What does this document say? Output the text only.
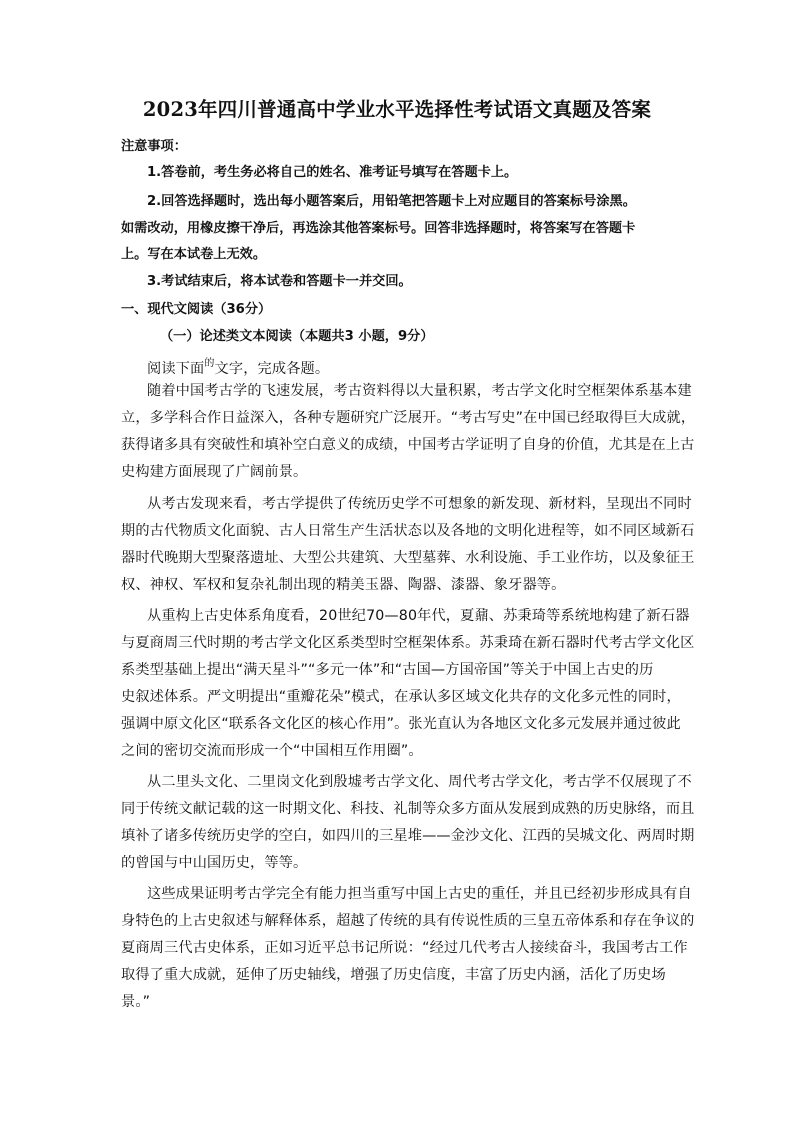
2023年四川普通高中学业水平选择性考试语文真题及答案
注意事项：
1.答卷前，考生务必将自己的姓名、准考证号填写在答题卡上。
2.回答选择题时，选出每小题答案后，用铅笔把答题卡上对应题目的答案标号涂黑。
如需改动，用橡皮擦干净后，再选涂其他答案标号。回答非选择题时，将答案写在答题卡
上。写在本试卷上无效。
3.考试结束后，将本试卷和答题卡一并交回。
一、现代文阅读（36分）
（一）论述类文本阅读（本题共3 小题，9分）
阅读下面$^的$文字，完成各题。
随着中国考古学的飞速发展，考古资料得以大量积累，考古学文化时空框架体系基本建
立，多学科合作日益深入，各种专题研究广泛展开。“考古写史”在中国已经取得巨大成就，
获得诸多具有突破性和填补空白意义的成绩，中国考古学证明了自身的价值，尤其是在上古
史构建方面展现了广阔前景。
从考古发现来看，考古学提供了传统历史学不可想象的新发现、新材料，呈现出不同时
期的古代物质文化面貌、古人日常生产生活状态以及各地的文明化进程等，如不同区域新石
器时代晚期大型聚落遗址、大型公共建筑、大型墓葬、水利设施、手工业作坊，以及象征王
权、神权、军权和复杂礼制出现的精美玉器、陶器、漆器、象牙器等。
从重构上古史体系角度看，20世纪70—80年代，夏鼐、苏秉琦等系统地构建了新石器
与夏商周三代时期的考古学文化区系类型时空框架体系。苏秉琦在新石器时代考古学文化区
系类型基础上提出“满天星斗”“多元一体”和“古国—方国帝国”等关于中国上古史的历
史叙述体系。严文明提出“重瓣花朵”模式，在承认多区域文化共存的文化多元性的同时，
强调中原文化区“联系各文化区的核心作用”。张光直认为各地区文化多元发展并通过彼此
之间的密切交流而形成一个“中国相互作用圈”。
从二里头文化、二里岗文化到殷墟考古学文化、周代考古学文化，考古学不仅展现了不
同于传统文献记载的这一时期文化、科技、礼制等众多方面从发展到成熟的历史脉络，而且
填补了诸多传统历史学的空白，如四川的三星堆——金沙文化、江西的吴城文化、两周时期
的曾国与中山国历史，等等。
这些成果证明考古学完全有能力担当重写中国上古史的重任，并且已经初步形成具有自
身特色的上古史叙述与解释体系，超越了传统的具有传说性质的三皇五帝体系和存在争议的
夏商周三代古史体系，正如习近平总书记所说：“经过几代考古人接续奋斗，我国考古工作
取得了重大成就，延伸了历史轴线，增强了历史信度，丰富了历史内涵，活化了历史场
景。”
